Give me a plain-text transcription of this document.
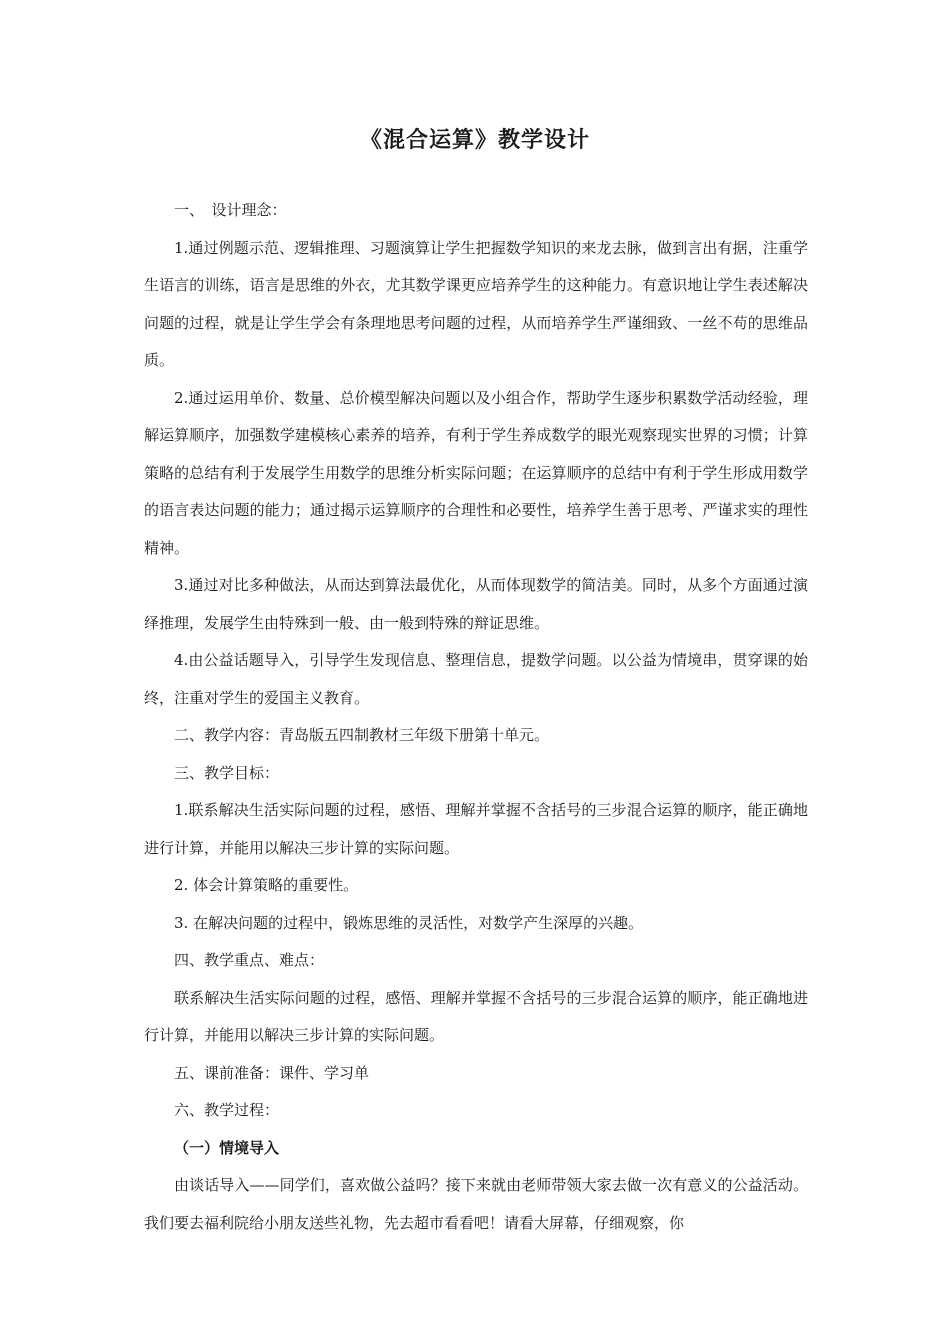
《混合运算》教学设计

一、　设计理念：

1.通过例题示范、逻辑推理、习题演算让学生把握数学知识的来龙去脉，做到言出有据，注重学生语言的训练，语言是思维的外衣，尤其数学课更应培养学生的这种能力。有意识地让学生表述解决问题的过程，就是让学生学会有条理地思考问题的过程，从而培养学生严谨细致、一丝不苟的思维品质。

2.通过运用单价、数量、总价模型解决问题以及小组合作，帮助学生逐步积累数学活动经验，理解运算顺序，加强数学建模核心素养的培养，有利于学生养成数学的眼光观察现实世界的习惯；计算策略的总结有利于发展学生用数学的思维分析实际问题；在运算顺序的总结中有利于学生形成用数学的语言表达问题的能力；通过揭示运算顺序的合理性和必要性，培养学生善于思考、严谨求实的理性精神。

3.通过对比多种做法，从而达到算法最优化，从而体现数学的简洁美。同时，从多个方面通过演绎推理，发展学生由特殊到一般、由一般到特殊的辩证思维。

4.由公益话题导入，引导学生发现信息、整理信息，提数学问题。以公益为情境串，贯穿课的始终，注重对学生的爱国主义教育。

二、教学内容：青岛版五四制教材三年级下册第十单元。

三、教学目标：

1.联系解决生活实际问题的过程，感悟、理解并掌握不含括号的三步混合运算的顺序，能正确地进行计算，并能用以解决三步计算的实际问题。

2. 体会计算策略的重要性。

3. 在解决问题的过程中，锻炼思维的灵活性，对数学产生深厚的兴趣。

四、教学重点、难点：

联系解决生活实际问题的过程，感悟、理解并掌握不含括号的三步混合运算的顺序，能正确地进行计算，并能用以解决三步计算的实际问题。

五、课前准备：课件、学习单

六、教学过程：

（一）情境导入

由谈话导入——同学们，喜欢做公益吗？接下来就由老师带领大家去做一次有意义的公益活动。我们要去福利院给小朋友送些礼物，先去超市看看吧！请看大屏幕，仔细观察，你
